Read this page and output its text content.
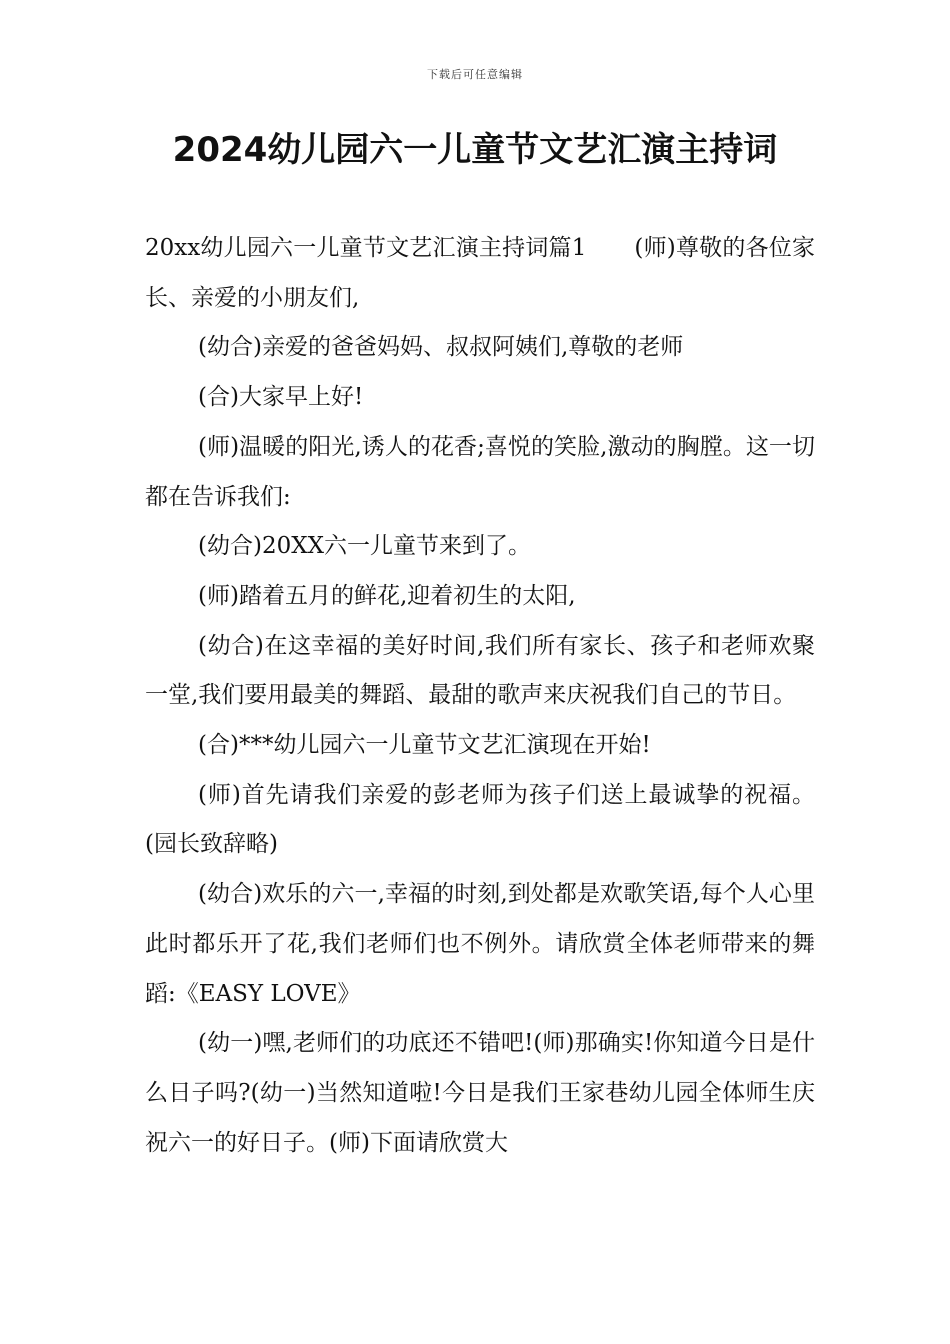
下载后可任意编辑
2024幼儿园六一儿童节文艺汇演主持词

20xx幼儿园六一儿童节文艺汇演主持词篇1 (师)尊敬的各位家长、亲爱的小朋友们,

(幼合)亲爱的爸爸妈妈、叔叔阿姨们,尊敬的老师

(合)大家早上好!

(师)温暖的阳光,诱人的花香;喜悦的笑脸,激动的胸膛。这一切都在告诉我们:

(幼合)20XX六一儿童节来到了。

(师)踏着五月的鲜花,迎着初生的太阳,

(幼合)在这幸福的美好时间,我们所有家长、孩子和老师欢聚一堂,我们要用最美的舞蹈、最甜的歌声来庆祝我们自己的节日。

(合)***幼儿园六一儿童节文艺汇演现在开始!

(师)首先请我们亲爱的彭老师为孩子们送上最诚挚的祝福。(园长致辞略)

(幼合)欢乐的六一,幸福的时刻,到处都是欢歌笑语,每个人心里此时都乐开了花,我们老师们也不例外。请欣赏全体老师带来的舞蹈:《EASY LOVE》

(幼一)嘿,老师们的功底还不错吧!(师)那确实!你知道今日是什么日子吗?(幼一)当然知道啦!今日是我们王家巷幼儿园全体师生庆祝六一的好日子。(师)下面请欣赏大
